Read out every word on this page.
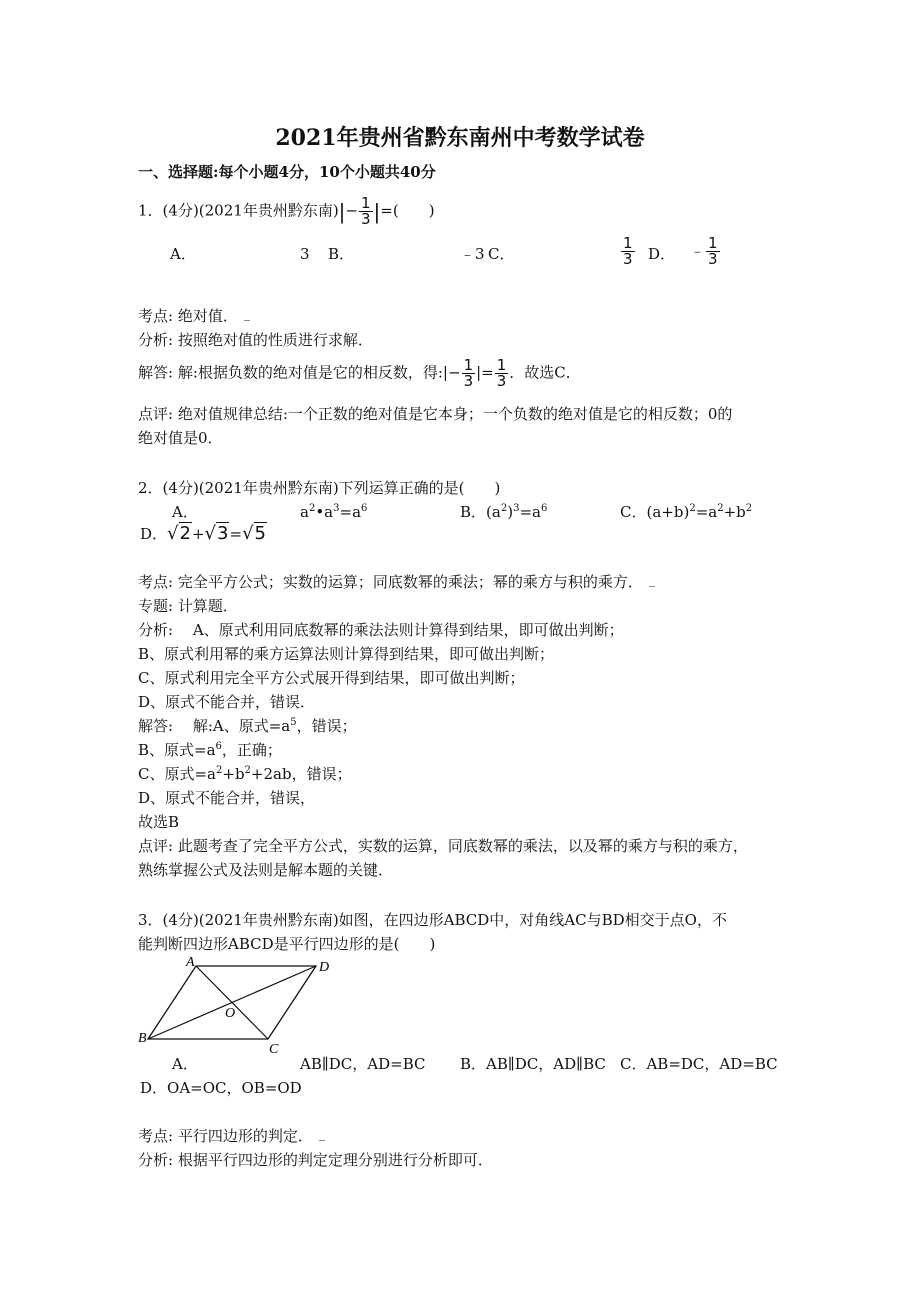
2021年贵州省黔东南州中考数学试卷
一、选择题:每个小题4分，10个小题共40分
1．(4分)(2021年贵州黔东南)|− $\frac{1}{3}$ |=(　　)
A．	3 B．	﹣3 C．	$\frac{1}{3}$ D． ﹣ $\frac{1}{3}$
考点: 绝对值．
分析: 按照绝对值的性质进行求解．
解答: 解:根据负数的绝对值是它的相反数，得:|− $\frac{1}{3}$ |= $\frac{1}{3}$ ．故选C．
点评: 绝对值规律总结:一个正数的绝对值是它本身；一个负数的绝对值是它的相反数；0的
绝对值是0．
2．(4分)(2021年贵州黔东南)下列运算正确的是(　　)
A．	$a^2•a^3=a^6$	B．$(a^2)^3=a^6$	C．$(a+b)^2=a^2+b^2$
D．√2+√3=√5
考点: 完全平方公式；实数的运算；同底数幂的乘法；幂的乘方与积的乘方．
专题: 计算题．
分析:　 A、原式利用同底数幂的乘法法则计算得到结果，即可做出判断；
B、原式利用幂的乘方运算法则计算得到结果，即可做出判断；
C、原式利用完全平方公式展开得到结果，即可做出判断；
D、原式不能合并，错误．
解答:　 解:A、原式$=a^5$，错误；
B、原式$=a^6$，正确；
C、原式$=a^2+b^2+2ab$，错误；
D、原式不能合并，错误，
故选B
点评: 此题考查了完全平方公式，实数的运算，同底数幂的乘法，以及幂的乘方与积的乘方，
熟练掌握公式及法则是解本题的关键．
3．(4分)(2021年贵州黔东南)如图，在四边形ABCD中，对角线AC与BD相交于点O，不
能判断四边形ABCD是平行四边形的是(　　)
A	D
B
C
O
A．	AB∥DC，AD=BC B．AB∥DC，AD∥BC C．AB=DC，AD=BC
D．OA=OC，OB=OD
考点: 平行四边形的判定．
分析: 根据平行四边形的判定定理分别进行分析即可．
